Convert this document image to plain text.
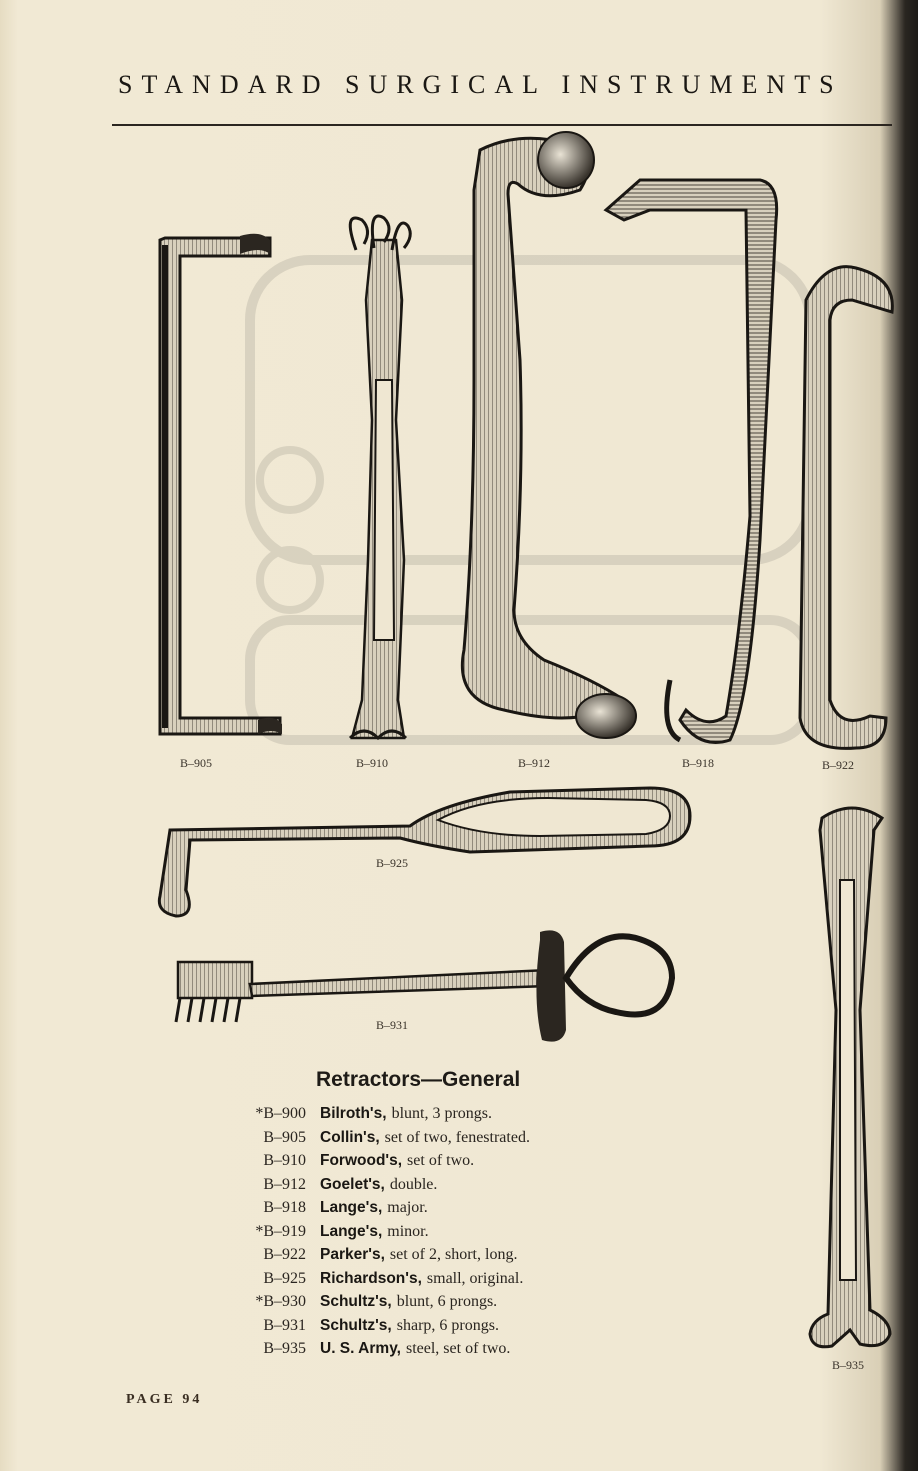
STANDARD SURGICAL INSTRUMENTS
B–905	B–910	B–912	B–918	B–922
B–925
B–931
B–935
Retractors—General
*B–900 Bilroth's, blunt, 3 prongs.
B–905 Collin's, set of two, fenestrated.
B–910 Forwood's, set of two.
B–912 Goelet's, double.
B–918 Lange's, major.
*B–919 Lange's, minor.
B–922 Parker's, set of 2, short, long.
B–925 Richardson's, small, original.
*B–930 Schultz's, blunt, 6 prongs.
B–931 Schultz's, sharp, 6 prongs.
B–935 U. S. Army, steel, set of two.
PAGE 94
